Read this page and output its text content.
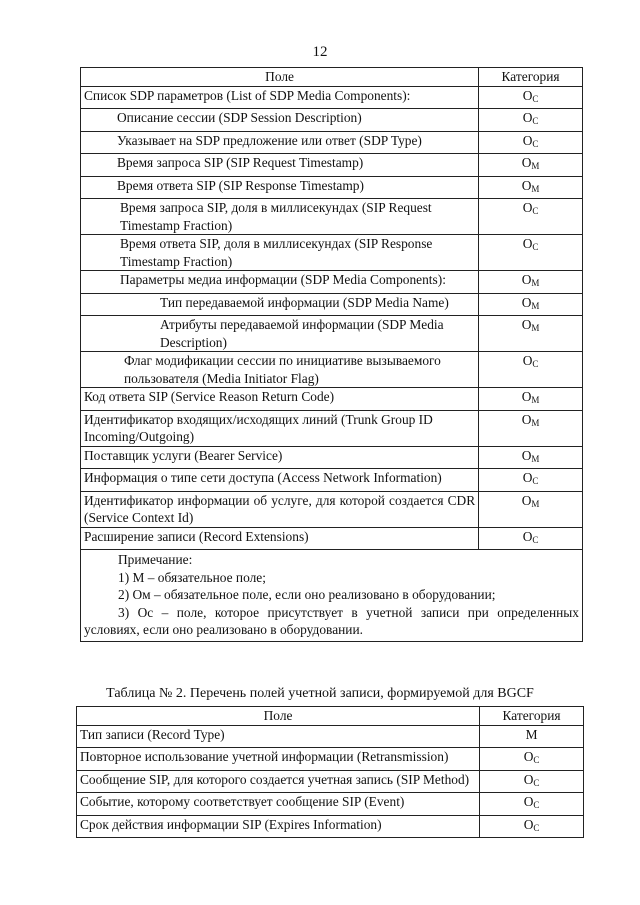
12
Поле	Категория
Список SDP параметров (List of SDP Media Components):	$O_C$
Описание сессии (SDP Session Description)	$O_C$
Указывает на SDP предложение или ответ (SDP Type)	$O_C$
Время запроса SIP (SIP Request Timestamp)	$O_M$
Время ответа SIP (SIP Response Timestamp)	$O_M$

Время запроса SIP, доля в миллисекундах (SIP Request Timestamp Fraction)	$O_C$

Время ответа SIP, доля в миллисекундах (SIP Response Timestamp Fraction)	$O_C$

Параметры медиа информации (SDP Media Components):	$O_M$

Тип передаваемой информации (SDP Media Name)	$O_M$

Атрибуты передаваемой информации (SDP Media Description)	$O_M$

Флаг модификации сессии по инициативе вызываемого пользователя (Media Initiator Flag)	$O_C$
Код ответа SIP (Service Reason Return Code)	$O_M$
Идентификатор входящих/исходящих линий (Trunk Group ID Incoming/Outgoing)	$O_M$
Поставщик услуги (Bearer Service)	$O_M$
Информация о типе сети доступа (Access Network Information)	$O_C$
Идентификатор информации об услуге, для которой создается CDR (Service Context Id)	$O_M$
Расширение записи (Record Extensions)	$O_C$

Примечание:
1) М – обязательное поле;
2) Ом – обязательное поле, если оно реализовано в оборудовании;
3) Ос – поле, которое присутствует в учетной записи при определенных условиях, если оно реализовано в оборудовании.	
Таблица № 2. Перечень полей учетной записи, формируемой для BGCF
Поле	Категория
Тип записи (Record Type)	M
Повторное использование учетной информации (Retransmission)	$O_C$
Сообщение SIP, для которого создается учетная запись (SIP Method)	$O_C$
Событие, которому соответствует сообщение SIP (Event)	$O_C$
Срок действия информации SIP (Expires Information)	$O_C$
